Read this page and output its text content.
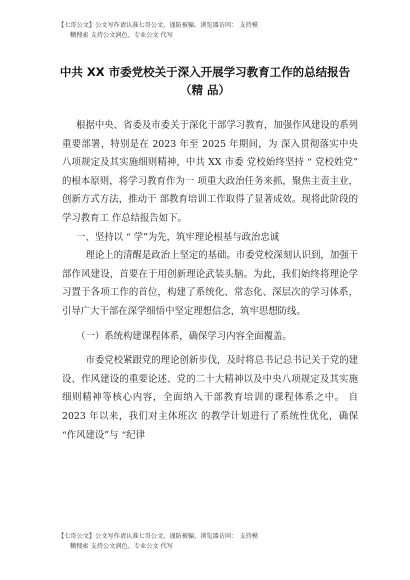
【七哥公文】公文写作请认准七哥公文，谨防被骗，浏览器访问： 支持模
糊搜索 支持公文润色、专业公文 代写
中共 XX 市委党校关于深入开展学习教育工作的总结报告
（精 品）

根据中央、省委及市委关于深化干部学习教育，加强作风建设的系列重要部署，特别是在 2023 年至 2025 年期间，为 深入贯彻落实中央八项规定及其实施细则精神，中共 XX 市委 党校始终坚持 “ 党校姓党” 的根本原则，将学习教育作为一 项重大政治任务来抓，聚焦主责主业，创新方式方法，推动干 部教育培训工作取得了显著成效。现将此阶段的学习教育工 作总结报告如下。

一、坚持以 “ 学”为先，筑牢理论根基与政治忠诚

理论上的清醒是政治上坚定的基础。市委党校深刻认识到，加强干部作风建设，首要在于用创新理论武装头脑。为此，我们始终将理论学习置于各项工作的首位，构建了系统化、常态化、深层次的学习体系，引导广大干部在深学细悟中坚定理想信念，筑牢思想防线。

（一）系统构建课程体系，确保学习内容全面覆盖。

市委党校紧跟党的理论创新步伐，及时将总书记总书记关于党的建设、作风建设的重要论述、党的二十大精神以及中央八项规定及其实施细则精神等核心内容，全面纳入干部教育培训的课程体系之中。 自 2023 年以来，我们对主体班次 的教学计划进行了系统性优化，确保 “作风建设”与 “纪律

【七哥公文】公文写作请认准七哥公文，谨防被骗，浏览器访问： 支持模
糊搜索 支持公文润色、专业公文 代写
